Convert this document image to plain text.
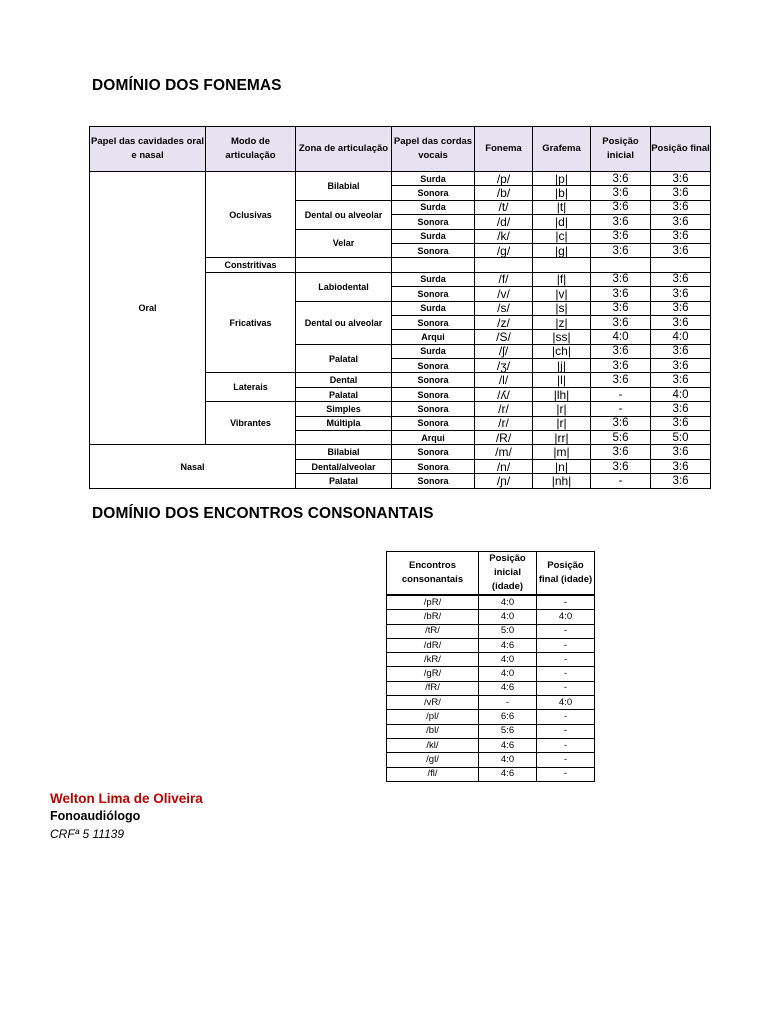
DOMÍNIO DOS FONEMAS
Papel das cavidades oral e nasal	Modo de articulação	Zona de articulação	Papel das cordas vocais	Fonema	Grafema	Posição inicial	Posição final
Oral	Oclusivas	Bilabial	Surda	/p/	|p|	3:6	3:6
			Sonora	/b/	|b|	3:6	3:6
		Dental ou alveolar	Surda	/t/	|t|	3:6	3:6
			Sonora	/d/	|d|	3:6	3:6
		Velar	Surda	/k/	|c|	3:6	3:6
			Sonora	/g/	|g|	3:6	3:6
	Constritivas						
	Fricativas	Labiodental	Surda	/f/	|f|	3:6	3:6
			Sonora	/v/	|v|	3:6	3:6
		Dental ou alveolar	Surda	/s/	|s|	3:6	3:6
			Sonora	/z/	|z|	3:6	3:6
			Arqui	/S/	|ss|	4:0	4:0
		Palatal	Surda	/ʃ/	|ch|	3:6	3:6
			Sonora	/ʒ/	|j|	3:6	3:6
	Laterais	Dental	Sonora	/l/	|l|	3:6	3:6
		Palatal	Sonora	/ʎ/	|lh|	-	4:0
	Vibrantes	Simples	Sonora	/r/	|r|	-	3:6
		Múltipla	Sonora	/r/	|r|	3:6	3:6
			Arqui	/R/	|rr|	5:6	5:0
Nasal		Bilabial	Sonora	/m/	|m|	3:6	3:6
		Dental/alveolar	Sonora	/n/	|n|	3:6	3:6
		Palatal	Sonora	/ɲ/	|nh|	-	3:6
DOMÍNIO DOS ENCONTROS CONSONANTAIS
Encontros consonantais	Posição inicial (idade)	Posição final (idade)
/pR/	4:0	-
/bR/	4:0	4:0
/tR/	5:0	-
/dR/	4:6	-
/kR/	4:0	-
/gR/	4:0	-
/fR/	4:6	-
/vR/	-	4:0
/pl/	6:6	-
/bl/	5:6	-
/kl/	4:6	-
/gl/	4:0	-
/fl/	4:6	-
Welton Lima de Oliveira
Fonoaudiólogo
CRFª 5 11139
